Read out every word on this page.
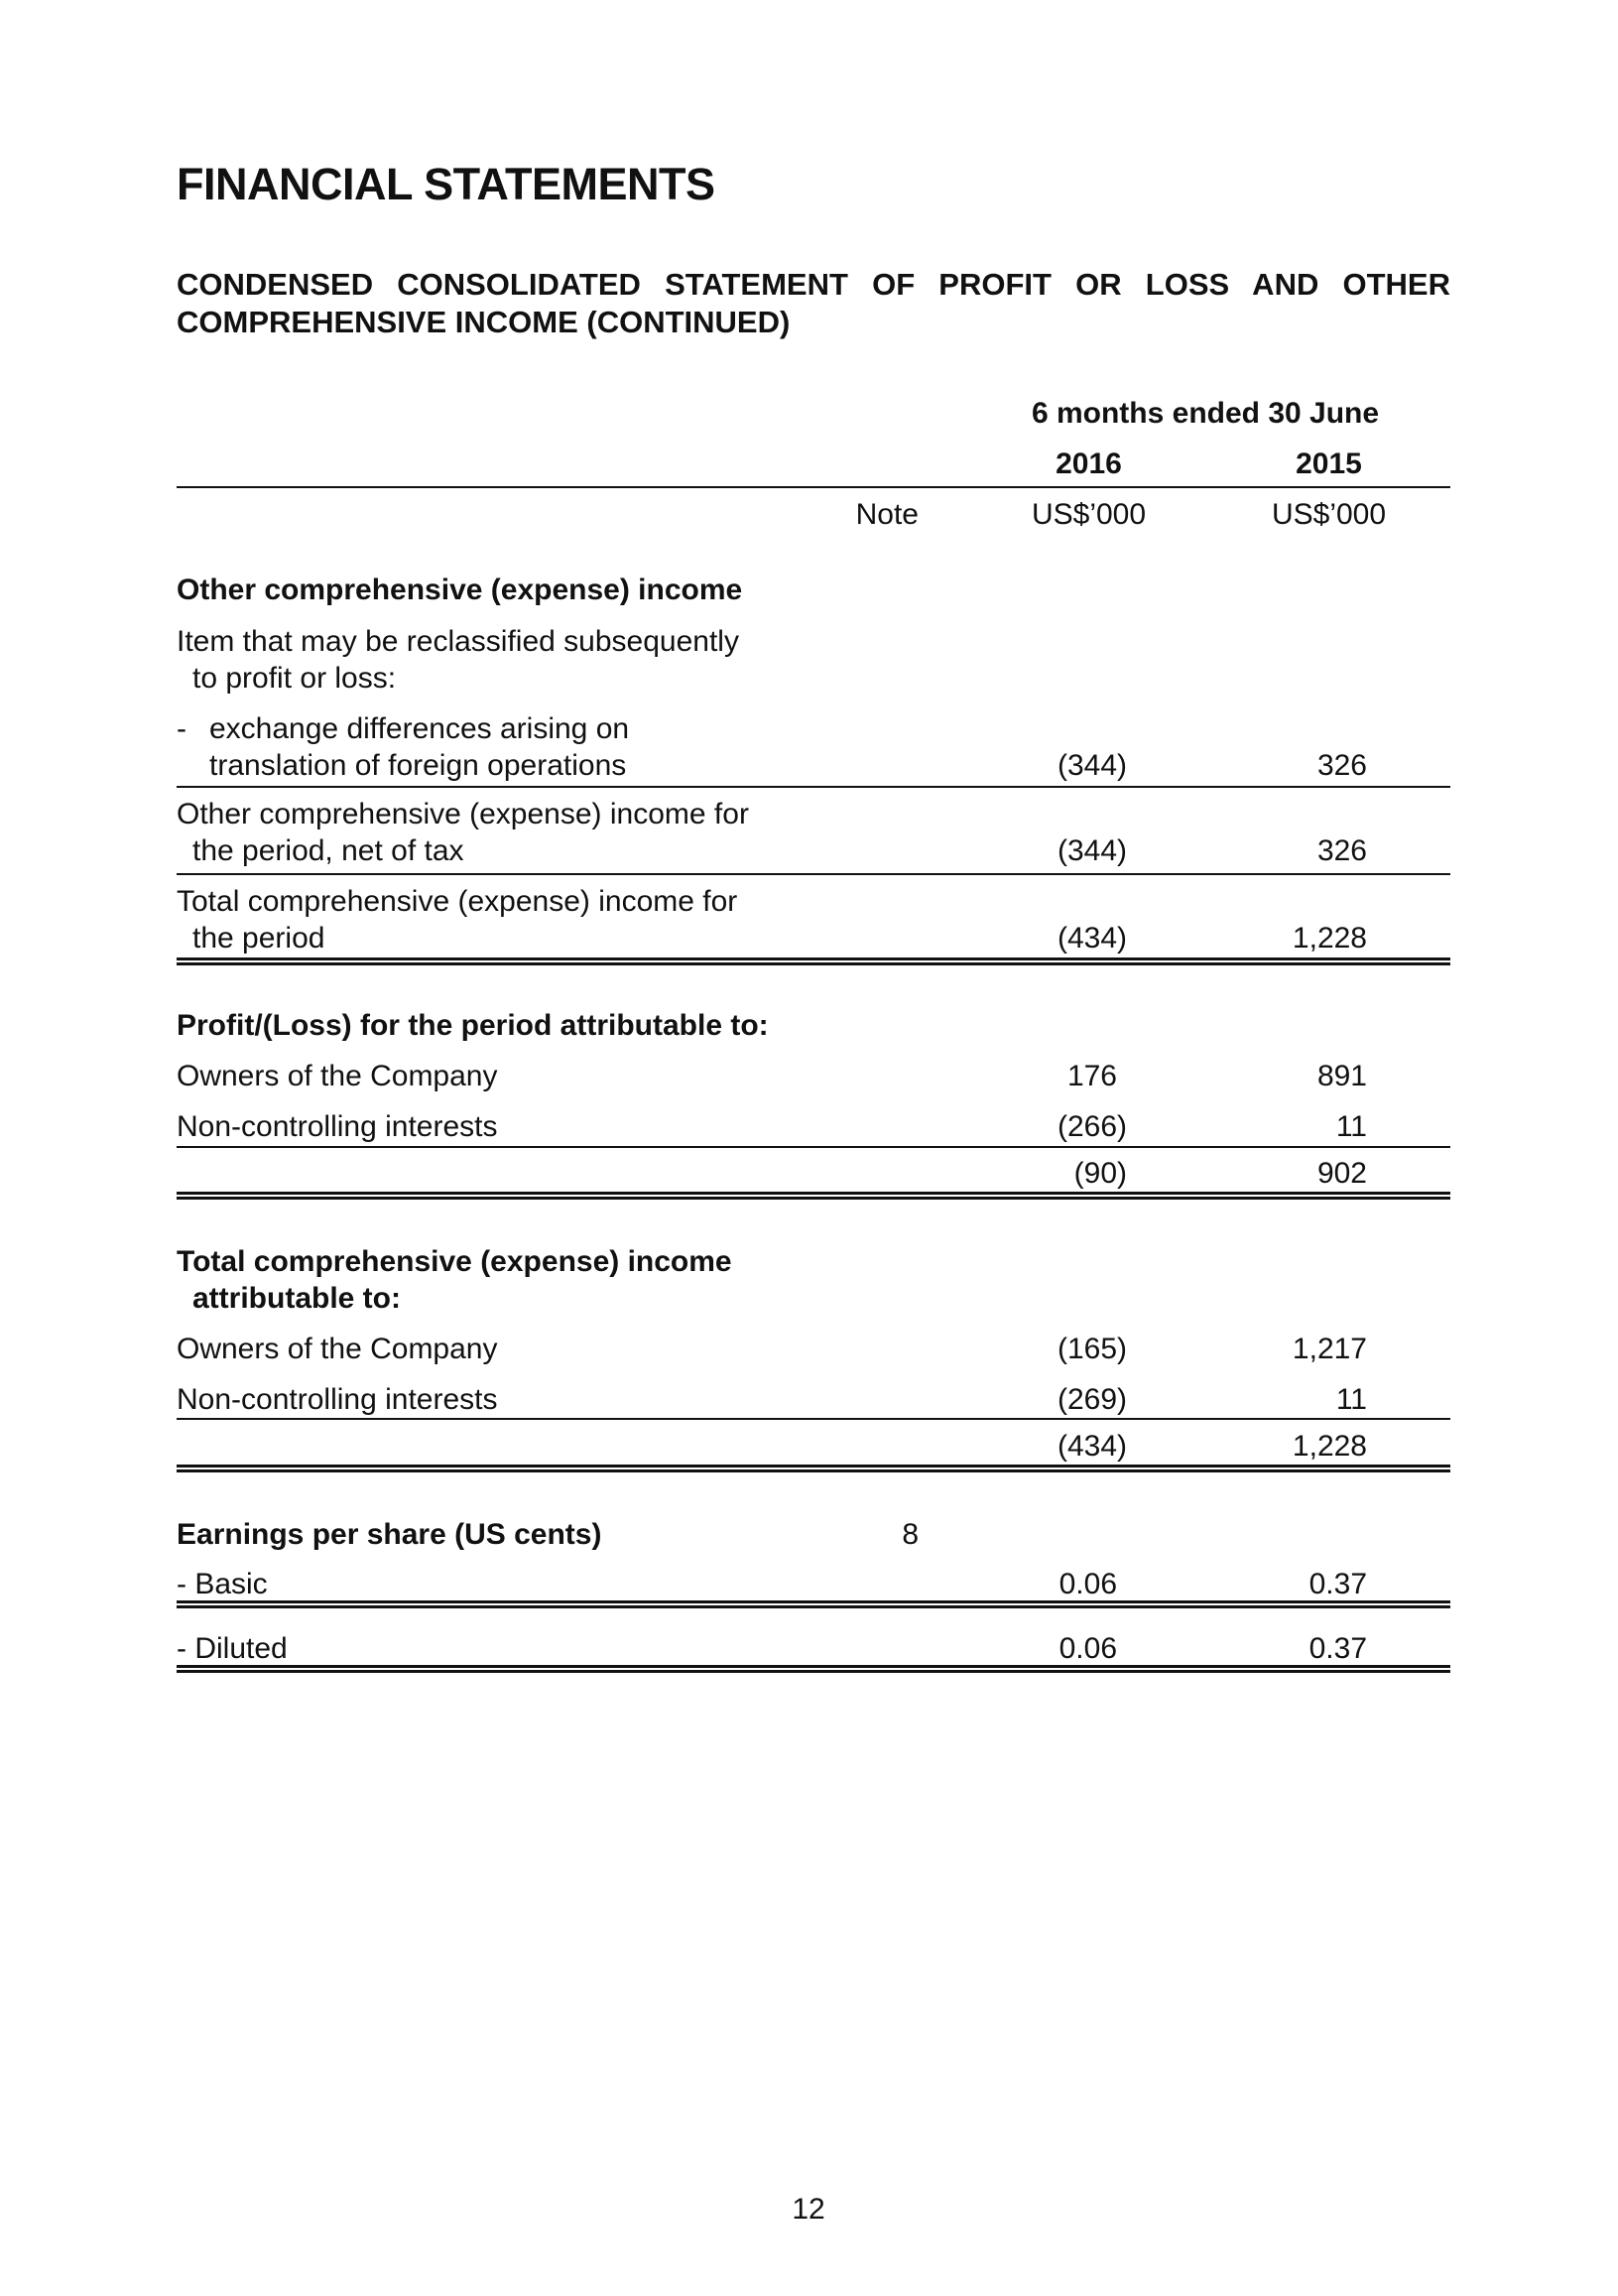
FINANCIAL STATEMENTS
CONDENSED CONSOLIDATED STATEMENT OF PROFIT OR LOSS AND OTHER
COMPREHENSIVE INCOME (CONTINUED)
6 months ended 30 June
2016	2015
Note	US$’000	US$’000
Other comprehensive (expense) income
Item that may be reclassified subsequently
to profit or loss:
- exchange differences arising on
translation of foreign operations	(344)	326
Other comprehensive (expense) income for
the period, net of tax	(344)	326
Total comprehensive (expense) income for
the period	(434)	1,228
Profit/(Loss) for the period attributable to:
Owners of the Company	176	891
Non-controlling interests	(266)	11
(90)	902
Total comprehensive (expense) income
attributable to:
Owners of the Company	(165)	1,217
Non-controlling interests	(269)	11
(434)	1,228
Earnings per share (US cents)	8
- Basic	0.06	0.37
- Diluted	0.06	0.37
12
